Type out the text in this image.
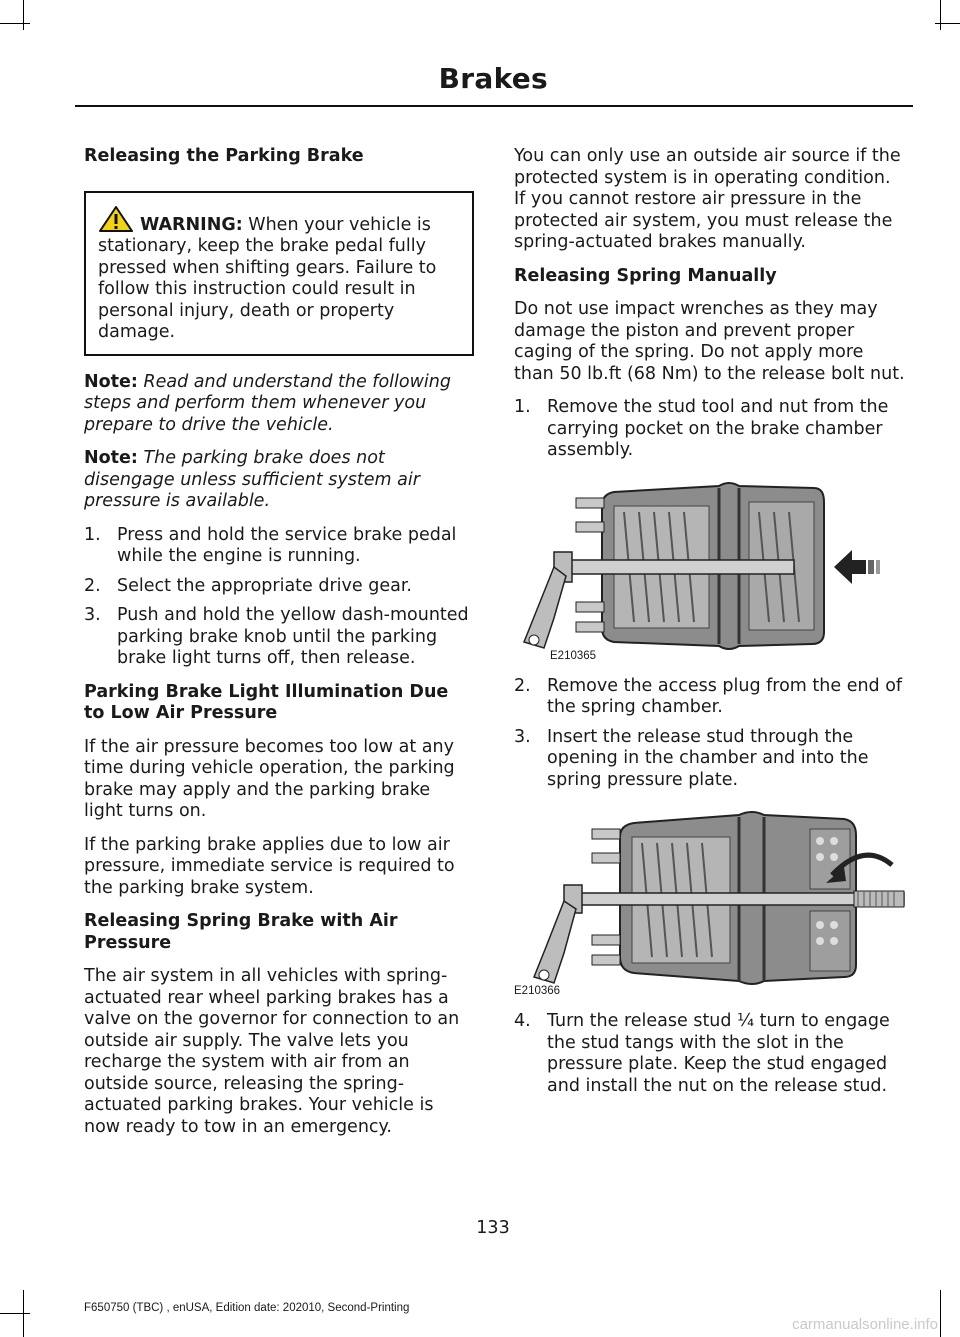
Brakes
Releasing the Parking Brake
WARNING: When your vehicle is stationary, keep the brake pedal fully pressed when shifting gears. Failure to follow this instruction could result in personal injury, death or property damage.
Note: Read and understand the following steps and perform them whenever you prepare to drive the vehicle.
Note: The parking brake does not disengage unless sufficient system air pressure is available.
1. Press and hold the service brake pedal while the engine is running.
2. Select the appropriate drive gear.
3. Push and hold the yellow dash-mounted parking brake knob until the parking brake light turns off, then release.
Parking Brake Light Illumination Due to Low Air Pressure
If the air pressure becomes too low at any time during vehicle operation, the parking brake may apply and the parking brake light turns on.
If the parking brake applies due to low air pressure, immediate service is required to the parking brake system.
Releasing Spring Brake with Air Pressure
The air system in all vehicles with spring-actuated rear wheel parking brakes has a valve on the governor for connection to an outside air supply. The valve lets you recharge the system with air from an outside source, releasing the spring-actuated parking brakes. Your vehicle is now ready to tow in an emergency.
You can only use an outside air source if the protected system is in operating condition. If you cannot restore air pressure in the protected air system, you must release the spring-actuated brakes manually.
Releasing Spring Manually
Do not use impact wrenches as they may damage the piston and prevent proper caging of the spring. Do not apply more than 50 lb.ft (68 Nm) to the release bolt nut.
1. Remove the stud tool and nut from the carrying pocket on the brake chamber assembly.
E210365
2. Remove the access plug from the end of the spring chamber.
3. Insert the release stud through the opening in the chamber and into the spring pressure plate.
E210366
4. Turn the release stud ¼ turn to engage the stud tangs with the slot in the pressure plate. Keep the stud engaged and install the nut on the release stud.
133
F650750 (TBC) , enUSA, Edition date: 202010, Second-Printing
carmanualsonline.info
